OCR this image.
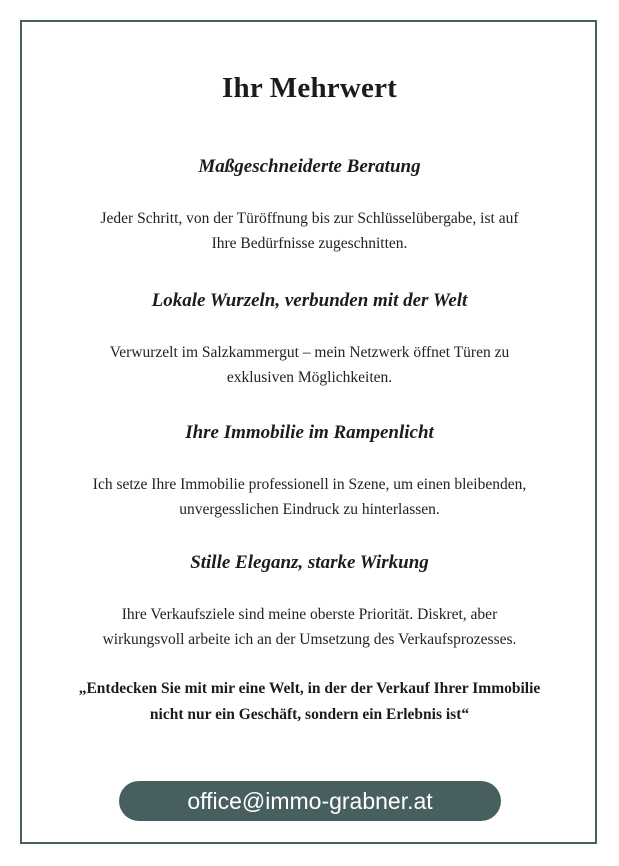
Ihr Mehrwert

Maßgeschneiderte Beratung

Jeder Schritt, von der Türöffnung bis zur Schlüsselübergabe, ist auf

Ihre Bedürfnisse zugeschnitten.

Lokale Wurzeln, verbunden mit der Welt

Verwurzelt im Salzkammergut – mein Netzwerk öffnet Türen zu

exklusiven Möglichkeiten.

Ihre Immobilie im Rampenlicht

Ich setze Ihre Immobilie professionell in Szene, um einen bleibenden,

unvergesslichen Eindruck zu hinterlassen.

Stille Eleganz, starke Wirkung

Ihre Verkaufsziele sind meine oberste Priorität. Diskret, aber

wirkungsvoll arbeite ich an der Umsetzung des Verkaufsprozesses.

„Entdecken Sie mit mir eine Welt, in der der Verkauf Ihrer Immobilie
nicht nur ein Geschäft, sondern ein Erlebnis ist“
office@immo-grabner.at
